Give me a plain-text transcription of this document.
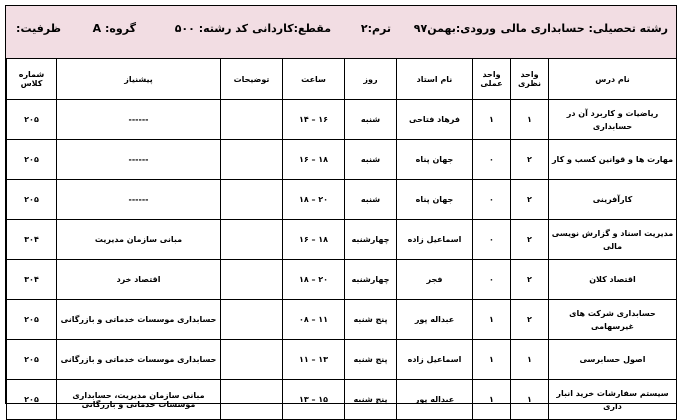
رشته تحصیلی: حسابداری مالی
ورودی:بهمن۹۷
ترم:۲
مقطع:کاردانی
کد رشته: ۵۰۰
گروه: A
ظرفیت:
نام درس	واحد نظری	واحد عملی	نام استاد	روز	ساعت	توضیحات	پیشنیاز	شماره کلاس
ریاضیات و کاربرد آن در حسابداری	۱	۱	فرهاد فتاحی	شنبه	۱۶ – ۱۴		------	۲۰۵
مهارت ها و قوانین کسب و کار	۲	۰	جهان پناه	شنبه	۱۸ – ۱۶		------	۲۰۵
کارآفرینی	۲	۰	جهان پناه	شنبه	۲۰ – ۱۸		------	۲۰۵
مدیریت اسناد و گزارش نویسی مالی	۲	۰	اسماعیل زاده	چهارشنبه	۱۸ – ۱۶		مبانی سازمان مدیریت	۳۰۴
اقتصاد کلان	۲	۰	فجر	چهارشنبه	۲۰ – ۱۸		اقتصاد خرد	۳۰۴
حسابداری شرکت های غیرسهامی	۲	۱	عبداله پور	پنج شنبه	۱۱ – ۰۸		حسابداری موسسات خدماتی و بازرگانی	۲۰۵
اصول حسابرسی	۱	۱	اسماعیل زاده	پنج شنبه	۱۳ – ۱۱		حسابداری موسسات خدماتی و بازرگانی	۲۰۵
سیستم سفارشات خرید انبار داری	۱	۱	عبداله پور	پنج شنبه	۱۵ – ۱۳		مبانی سازمان مدیریت، حسابداری موسسات خدماتی و بازرگانی	۲۰۵
